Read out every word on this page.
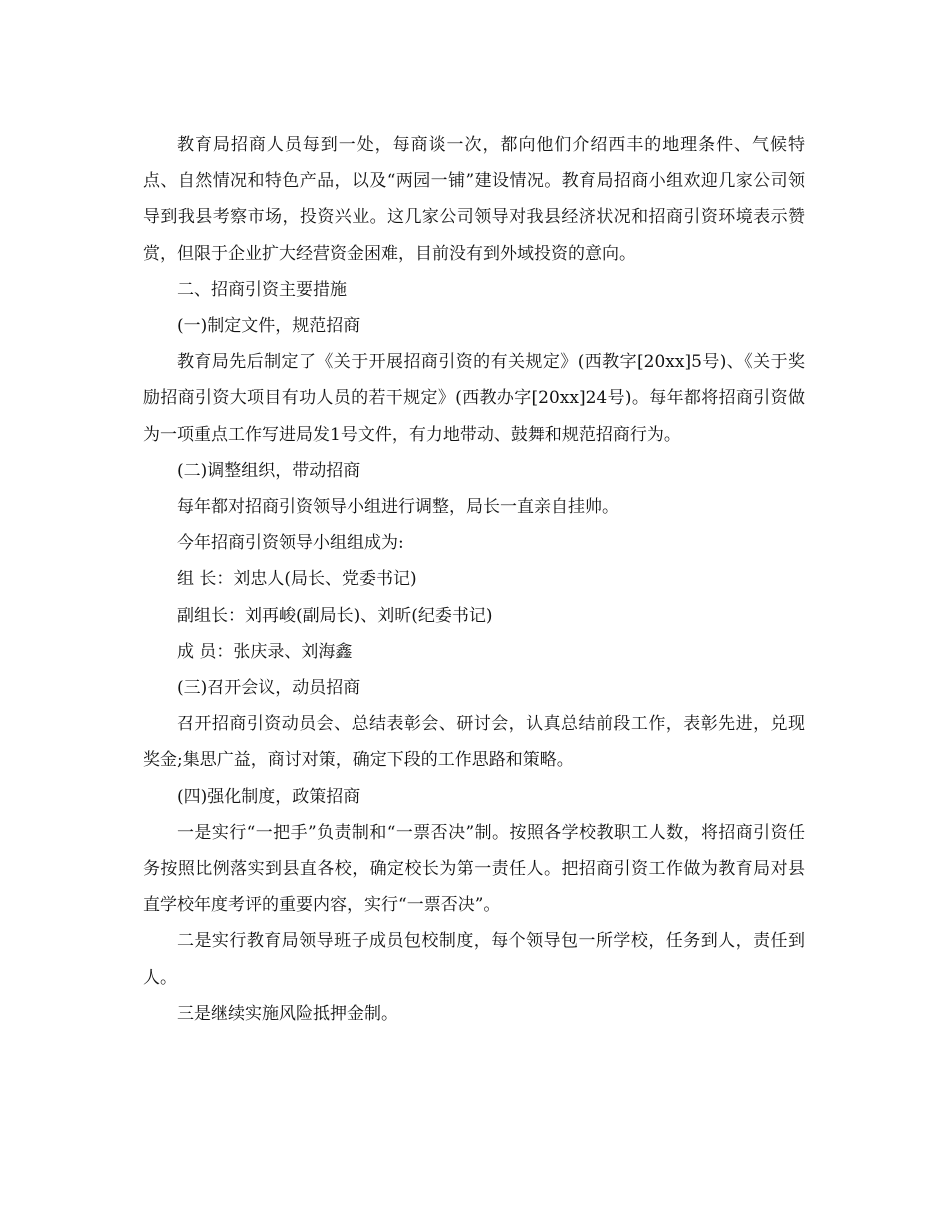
教育局招商人员每到一处，每商谈一次，都向他们介绍西丰的地理条件、气候特点、自然情况和特色产品，以及“两园一铺”建设情况。教育局招商小组欢迎几家公司领导到我县考察市场，投资兴业。这几家公司领导对我县经济状况和招商引资环境表示赞赏，但限于企业扩大经营资金困难，目前没有到外域投资的意向。

二、招商引资主要措施

(一)制定文件，规范招商

教育局先后制定了《关于开展招商引资的有关规定》(西教字[20xx]5号)、《关于奖励招商引资大项目有功人员的若干规定》(西教办字[20xx]24号)。每年都将招商引资做为一项重点工作写进局发1号文件，有力地带动、鼓舞和规范招商行为。

(二)调整组织，带动招商

每年都对招商引资领导小组进行调整，局长一直亲自挂帅。

今年招商引资领导小组组成为:

组 长：刘忠人(局长、党委书记)

副组长：刘再峻(副局长)、刘昕(纪委书记)

成 员：张庆录、刘海鑫

(三)召开会议，动员招商

召开招商引资动员会、总结表彰会、研讨会，认真总结前段工作，表彰先进，兑现奖金;集思广益，商讨对策，确定下段的工作思路和策略。

(四)强化制度，政策招商

一是实行“一把手”负责制和“一票否决”制。按照各学校教职工人数，将招商引资任务按照比例落实到县直各校，确定校长为第一责任人。把招商引资工作做为教育局对县直学校年度考评的重要内容，实行“一票否决”。

二是实行教育局领导班子成员包校制度，每个领导包一所学校，任务到人，责任到人。

三是继续实施风险抵押金制。
